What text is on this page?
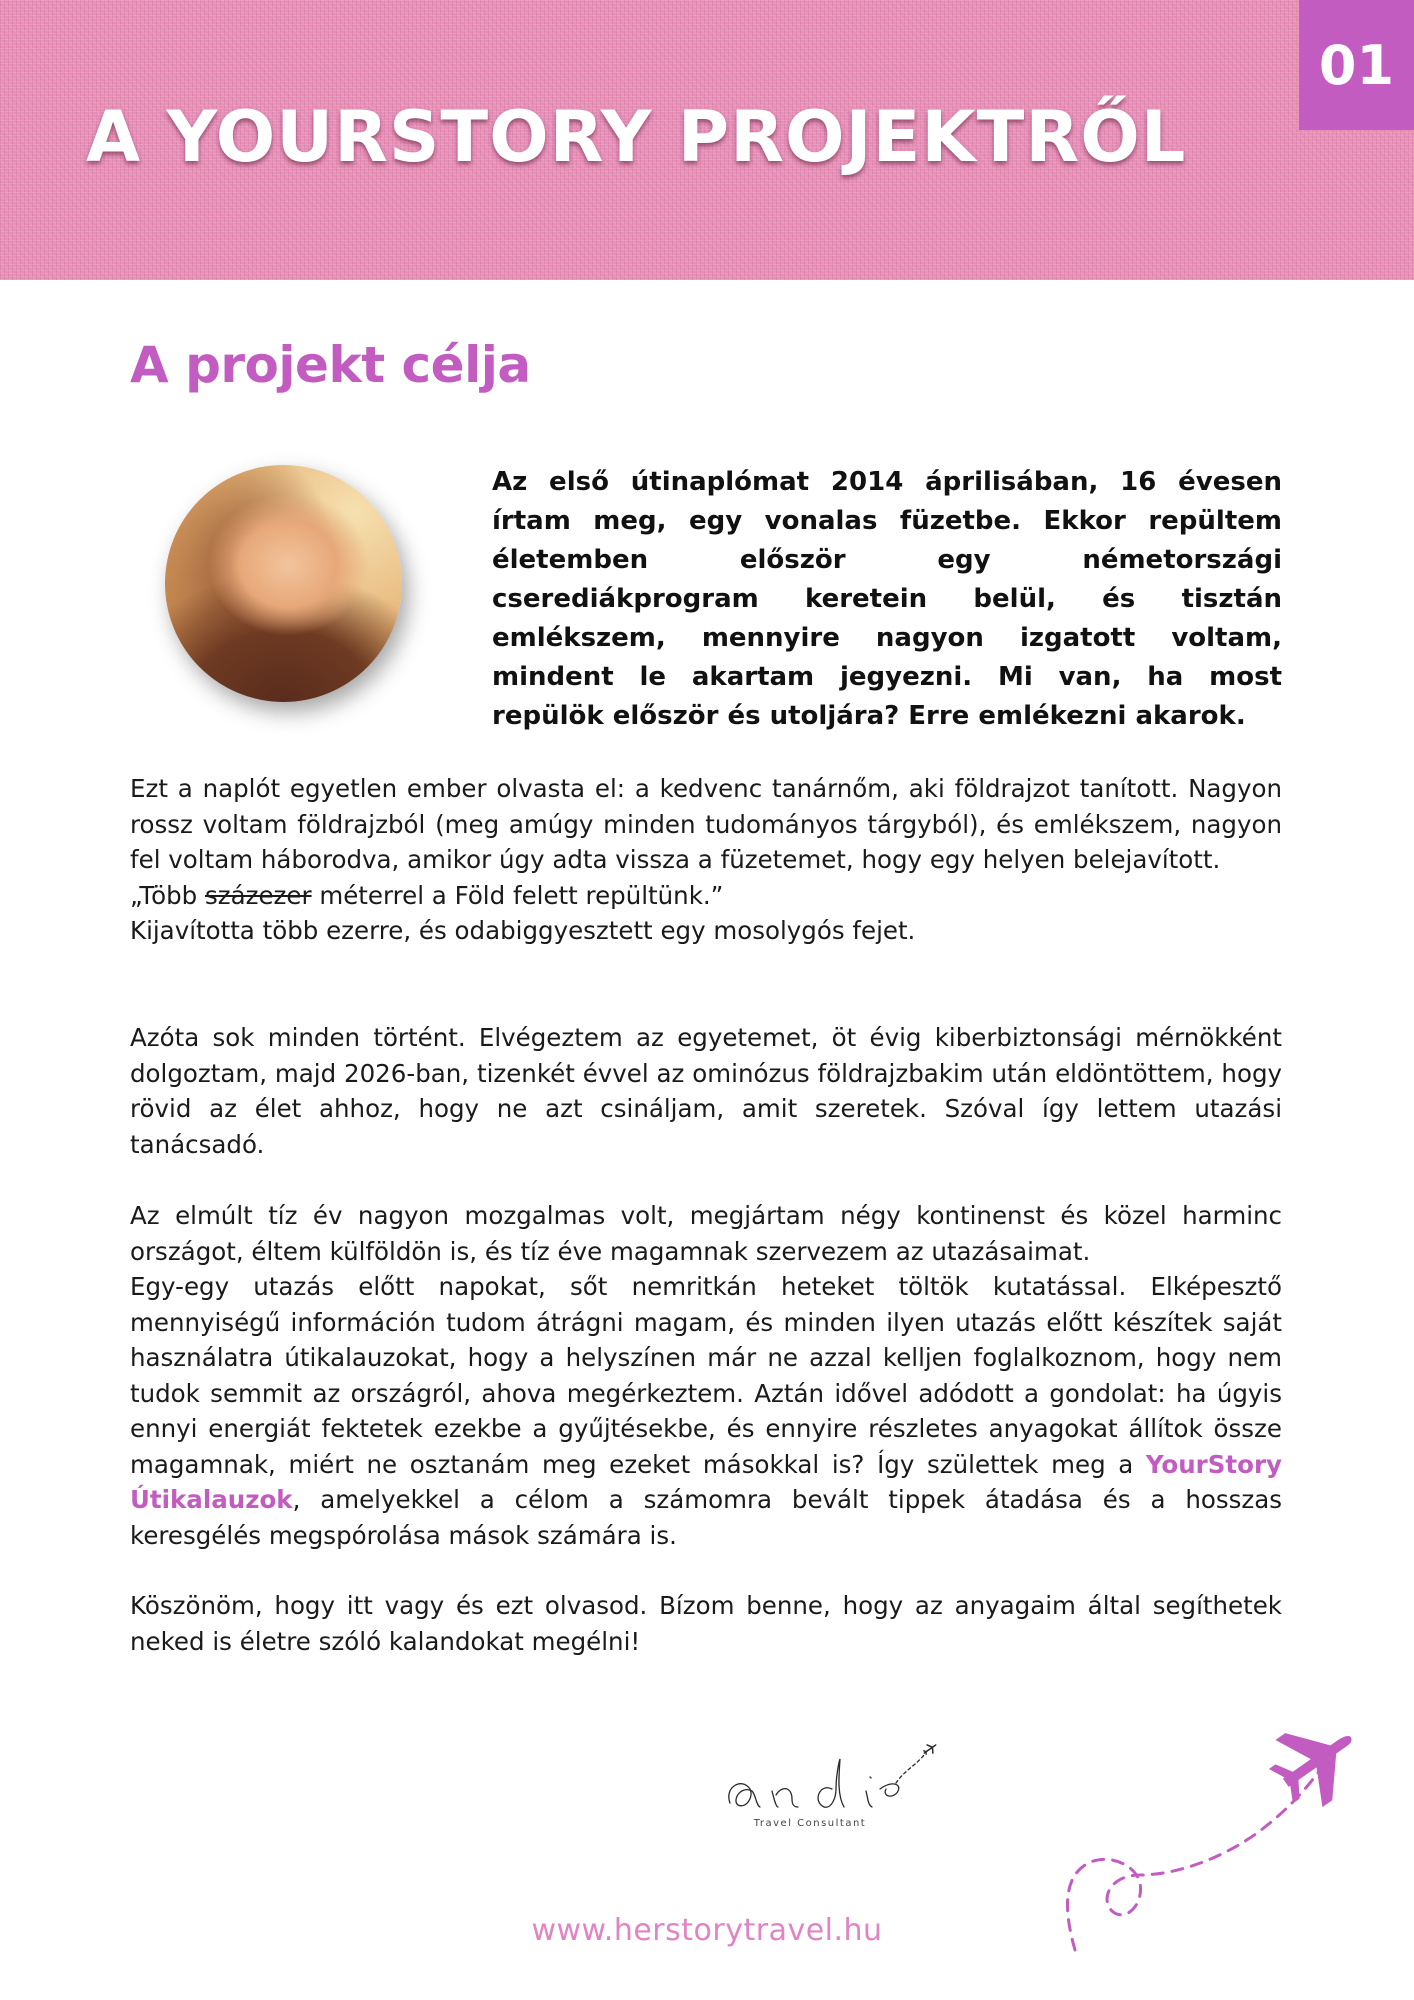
A YOURSTORY PROJEKTRŐL
01
A projekt célja

Az első útinaplómat 2014 áprilisában, 16 évesen írtam meg, egy vonalas füzetbe. Ekkor repültem életemben először egy németországi cserediákprogram keretein belül, és tisztán emlékszem, mennyire nagyon izgatott voltam, mindent le akartam jegyezni. Mi van, ha most repülök először és utoljára? Erre emlékezni akarok.

Ezt a naplót egyetlen ember olvasta el: a kedvenc tanárnőm, aki földrajzot tanított. Nagyon rossz voltam földrajzból (meg amúgy minden tudományos tárgyból), és emlékszem, nagyon fel voltam háborodva, amikor úgy adta vissza a füzetemet, hogy egy helyen belejavított.
„Több százezer méterrel a Föld felett repültünk.”
Kijavította több ezerre, és odabiggyesztett egy mosolygós fejet.

Azóta sok minden történt. Elvégeztem az egyetemet, öt évig kiberbiztonsági mérnökként dolgoztam, majd 2026-ban, tizenkét évvel az ominózus földrajzbakim után eldöntöttem, hogy rövid az élet ahhoz, hogy ne azt csináljam, amit szeretek. Szóval így lettem utazási tanácsadó.

Az elmúlt tíz év nagyon mozgalmas volt, megjártam négy kontinenst és közel harminc országot, éltem külföldön is, és tíz éve magamnak szervezem az utazásaimat.
Egy-egy utazás előtt napokat, sőt nemritkán heteket töltök kutatással. Elképesztő mennyiségű információn tudom átrágni magam, és minden ilyen utazás előtt készítek saját használatra útikalauzokat, hogy a helyszínen már ne azzal kelljen foglalkoznom, hogy nem tudok semmit az országról, ahova megérkeztem. Aztán idővel adódott a gondolat: ha úgyis ennyi energiát fektetek ezekbe a gyűjtésekbe, és ennyire részletes anyagokat állítok össze magamnak, miért ne osztanám meg ezeket másokkal is? Így születtek meg a YourStory Útikalauzok, amelyekkel a célom a számomra bevált tippek átadása és a hosszas keresgélés megspórolása mások számára is.

Köszönöm, hogy itt vagy és ezt olvasod. Bízom benne, hogy az anyagaim által segíthetek neked is életre szóló kalandokat megélni!

Travel Consultant

www.herstorytravel.hu
